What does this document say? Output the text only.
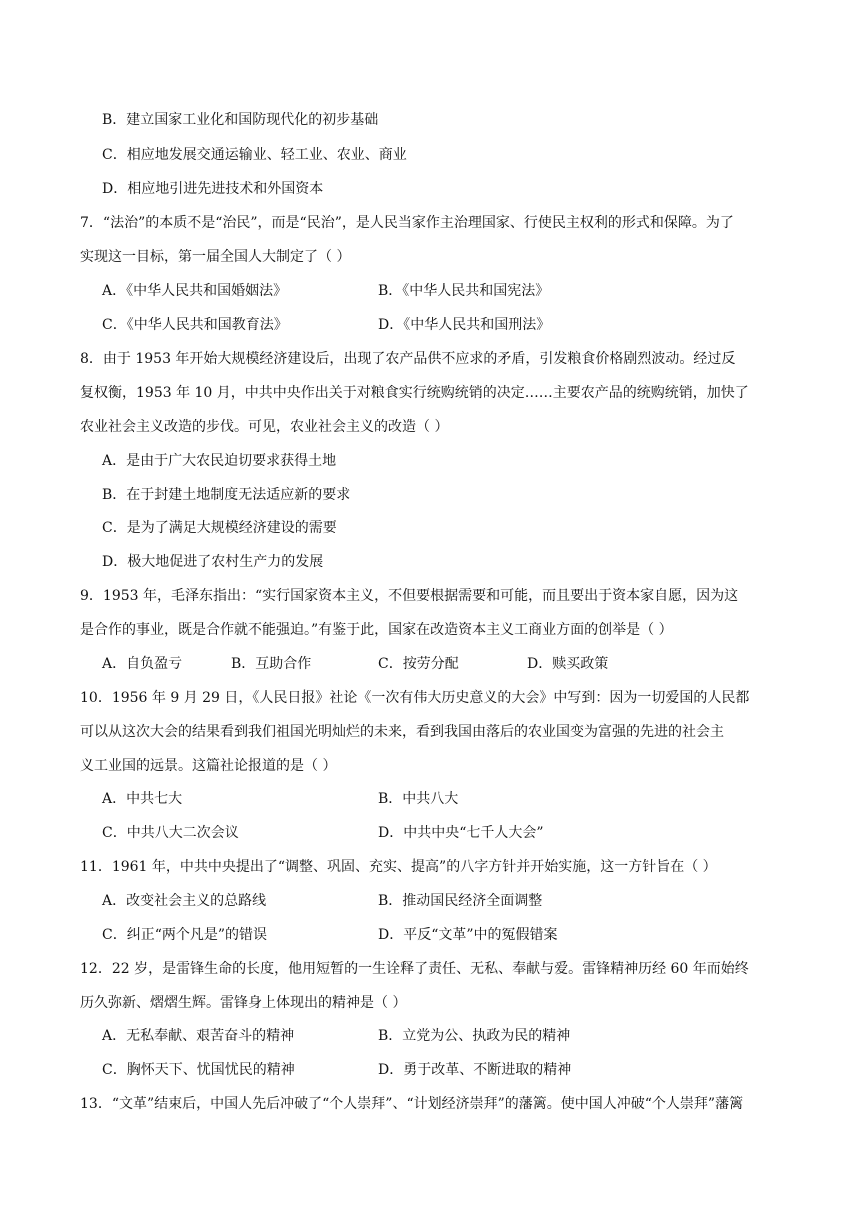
B．建立国家工业化和国防现代化的初步基础
C．相应地发展交通运输业、轻工业、农业、商业
D．相应地引进先进技术和外国资本
7．“法治”的本质不是“治民”，而是“民治”，是人民当家作主治理国家、行使民主权利的形式和保障。为了
实现这一目标，第一届全国人大制定了（ ）
A．《中华人民共和国婚姻法》	B．《中华人民共和国宪法》
C．《中华人民共和国教育法》	D．《中华人民共和国刑法》
8．由于 1953 年开始大规模经济建设后，出现了农产品供不应求的矛盾，引发粮食价格剧烈波动。经过反
复权衡，1953 年 10 月，中共中央作出关于对粮食实行统购统销的决定……主要农产品的统购统销，加快了
农业社会主义改造的步伐。可见，农业社会主义的改造（ ）
A．是由于广大农民迫切要求获得土地
B．在于封建土地制度无法适应新的要求
C．是为了满足大规模经济建设的需要
D．极大地促进了农村生产力的发展
9．1953 年，毛泽东指出：“实行国家资本主义，不但要根据需要和可能，而且要出于资本家自愿，因为这
是合作的事业，既是合作就不能强迫。”有鉴于此，国家在改造资本主义工商业方面的创举是（ ）
A．自负盈亏	B．互助合作	C．按劳分配	D．赎买政策
10．1956 年 9 月 29 日，《人民日报》社论《一次有伟大历史意义的大会》中写到：因为一切爱国的人民都
可以从这次大会的结果看到我们祖国光明灿烂的未来，看到我国由落后的农业国变为富强的先进的社会主
义工业国的远景。这篇社论报道的是（ ）
A．中共七大	B．中共八大
C．中共八大二次会议	D．中共中央“七千人大会”
11．1961 年，中共中央提出了“调整、巩固、充实、提高”的八字方针并开始实施，这一方针旨在（ ）
A．改变社会主义的总路线	B．推动国民经济全面调整
C．纠正“两个凡是”的错误	D．平反“文革”中的冤假错案
12．22 岁，是雷锋生命的长度，他用短暂的一生诠释了责任、无私、奉献与爱。雷锋精神历经 60 年而始终
历久弥新、熠熠生辉。雷锋身上体现出的精神是（ ）
A．无私奉献、艰苦奋斗的精神	B．立党为公、执政为民的精神
C．胸怀天下、忧国忧民的精神	D．勇于改革、不断进取的精神
13．“文革”结束后，中国人先后冲破了“个人崇拜”、“计划经济崇拜”的藩篱。使中国人冲破“个人崇拜”藩篱
